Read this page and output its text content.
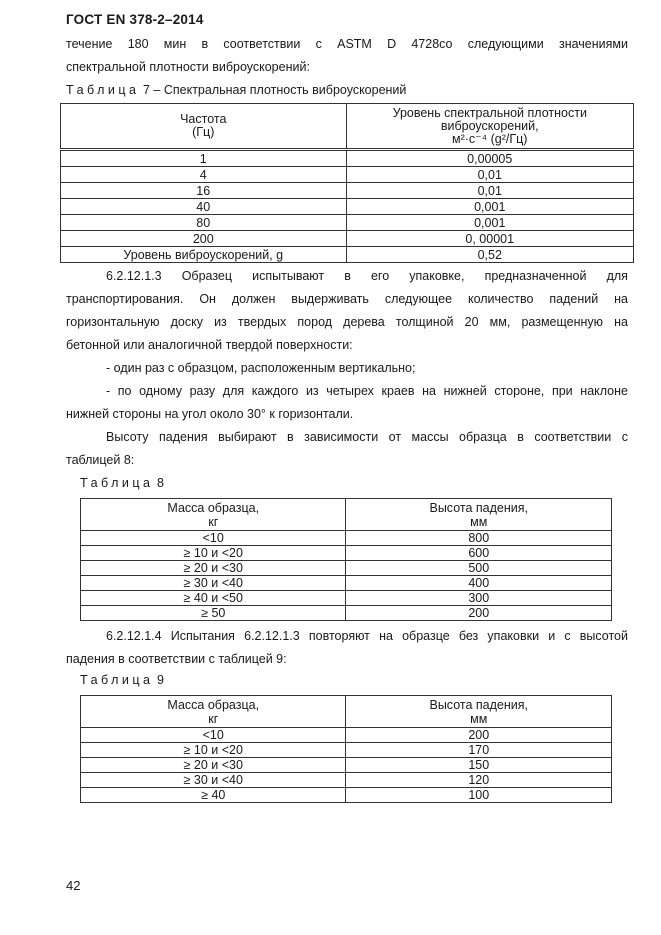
ГОСТ EN 378-2–2014
течение 180 мин в соответствии с ASTM D 4728со следующими значениями
спектральной плотности виброускорений:
Таблица 7 – Спектральная плотность виброускорений
Частота
(Гц)	Уровень спектральной плотности
виброускорений,
м²·с⁻⁴ (g²/Гц)
1	0,00005
4	0,01
16	0,01
40	0,001
80	0,001
200	0, 00001
Уровень виброускорений, g	0,52
6.2.12.1.3 Образец испытывают в его упаковке, предназначенной для
транспортирования. Он должен выдерживать следующее количество падений на
горизонтальную доску из твердых пород дерева толщиной 20 мм, размещенную на
бетонной или аналогичной твердой поверхности:
- один раз с образцом, расположенным вертикально;
- по одному разу для каждого из четырех краев на нижней стороне, при наклоне
нижней стороны на угол около 30° к горизонтали.
Высоту падения выбирают в зависимости от массы образца в соответствии с
таблицей 8:
Таблица 8
Масса образца,
кг	Высота падения,
мм
<10	800
≥ 10 и <20	600
≥ 20 и <30	500
≥ 30 и <40	400
≥ 40 и <50	300
≥ 50	200
6.2.12.1.4 Испытания 6.2.12.1.3 повторяют на образце без упаковки и с высотой
падения в соответствии с таблицей 9:
Таблица 9
Масса образца,
кг	Высота падения,
мм
<10	200
≥ 10 и <20	170
≥ 20 и <30	150
≥ 30 и <40	120
≥ 40	100
42
